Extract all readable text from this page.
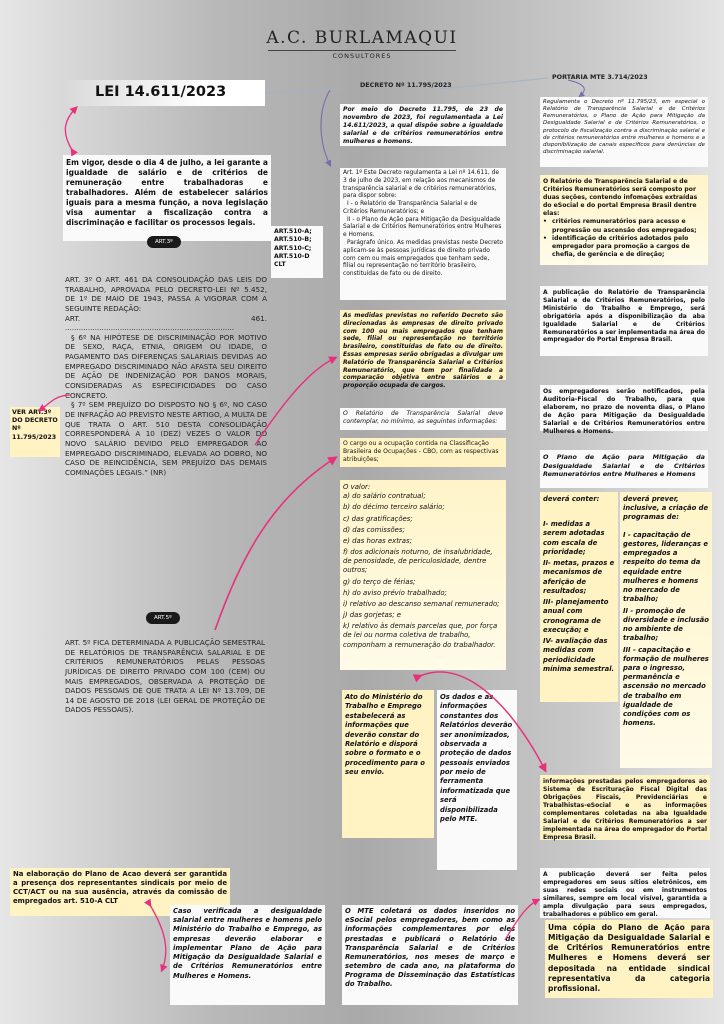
A.C. BURLAMAQUI
CONSULTORES
LEI 14.611/2023	DECRETO Nº 11.795/2023
PORTARIA MTE 3.714/2023
Em vigor, desde o dia 4 de julho, a lei garante a igualdade de salário e de critérios de remuneração entre trabalhadoras e trabalhadores. Além de estabelecer salários iguais para a mesma função, a nova legislação visa aumentar a fiscalização contra a discriminação e facilitar os processos legais.
ART.3º
ART.510-A; ART.510-B; ART.510-C; ART.510-D CLT

ART. 3º O ART. 461 DA CONSOLIDAÇÃO DAS LEIS DO TRABALHO, APROVADA PELO DECRETO-LEI Nº 5.452, DE 1º DE MAIO DE 1943, PASSA A VIGORAR COM A SEGUINTE REDAÇÃO:

ART. 461. ..........................................................................

§ 6º NA HIPÓTESE DE DISCRIMINAÇÃO POR MOTIVO DE SEXO, RAÇA, ETNIA, ORIGEM OU IDADE, O PAGAMENTO DAS DIFERENÇAS SALARIAIS DEVIDAS AO EMPREGADO DISCRIMINADO NÃO AFASTA SEU DIREITO DE AÇÃO DE INDENIZAÇÃO POR DANOS MORAIS, CONSIDERADAS AS ESPECIFICIDADES DO CASO CONCRETO.

§ 7º SEM PREJUÍZO DO DISPOSTO NO § 6º, NO CASO DE INFRAÇÃO AO PREVISTO NESTE ARTIGO, A MULTA DE QUE TRATA O ART. 510 DESTA CONSOLIDAÇÃO CORRESPONDERÁ A 10 (DEZ) VEZES O VALOR DO NOVO SALÁRIO DEVIDO PELO EMPREGADOR AO EMPREGADO DISCRIMINADO, ELEVADA AO DOBRO, NO CASO DE REINCIDÊNCIA, SEM PREJUÍZO DAS DEMAIS COMINAÇÕES LEGAIS.” (NR)

VER ART.3º DO DECRETO Nº 11.795/2023
ART.5º
ART. 5º FICA DETERMINADA A PUBLICAÇÃO SEMESTRAL DE RELATÓRIOS DE TRANSPARÊNCIA SALARIAL E DE CRITÉRIOS REMUNERATÓRIOS PELAS PESSOAS JURÍDICAS DE DIREITO PRIVADO COM 100 (CEM) OU MAIS EMPREGADOS, OBSERVADA A PROTEÇÃO DE DADOS PESSOAIS DE QUE TRATA A LEI Nº 13.709, DE 14 DE AGOSTO DE 2018 (LEI GERAL DE PROTEÇÃO DE DADOS PESSOAIS).
Na elaboração do Plano de Acao deverá ser garantida a presença dos representantes sindicais por meio de CCT/ACT ou na sua ausência, através da comissão de empregados art. 510-A CLT
Caso verificada a desigualdade salarial entre mulheres e homens pelo Ministério do Trabalho e Emprego, as empresas deverão elaborar e implementar Plano de Ação para Mitigação da Desigualdade Salarial e de Critérios Remuneratórios entre Mulheres e Homens.
Por meio do Decreto 11.795, de 23 de novembro de 2023, foi regulamentada a Lei 14.611/2023, a qual dispõe sobre a igualdade salarial e de critérios remuneratórios entre mulheres e homens.

Art. 1º Este Decreto regulamenta a Lei nº 14.611, de 3 de julho de 2023, em relação aos mecanismos de transparência salarial e de critérios remuneratórios, para dispor sobre:

I - o Relatório de Transparência Salarial e de Critérios Remuneratórios; e

II - o Plano de Ação para Mitigação da Desigualdade Salarial e de Critérios Remuneratórios entre Mulheres e Homens.

Parágrafo único. As medidas previstas neste Decreto aplicam-se às pessoas jurídicas de direito privado com cem ou mais empregados que tenham sede, filial ou representação no território brasileiro, constituídas de fato ou de direito.

As medidas previstas no referido Decreto são direcionadas às empresas de direito privado com 100 ou mais empregados que tenham sede, filial ou representação no território brasileiro, constituídas de fato ou de direito. Essas empresas serão obrigadas a divulgar um Relatório de Transparência Salarial e Critérios Remuneratório, que tem por finalidade a comparação objetiva entre salários e a proporção ocupada de cargos.
O Relatório de Transparência Salarial deve contemplar, no mínimo, as seguintes informações:
O cargo ou a ocupação contida na Classificação Brasileira de Ocupações - CBO, com as respectivas atribuições;
O valor:
a) do salário contratual;
b) do décimo terceiro salário;
c) das gratificações;
d) das comissões;
e) das horas extras;
f) dos adicionais noturno, de insalubridade, de penosidade, de periculosidade, dentre outros;
g) do terço de férias;
h) do aviso prévio trabalhado;
i) relativo ao descanso semanal remunerado;
j) das gorjetas; e
k) relativo às demais parcelas que, por força de lei ou norma coletiva de trabalho, componham a remuneração do trabalhador.
Ato do Ministério do Trabalho e Emprego estabelecerá as informações que deverão constar do Relatório e disporá sobre o formato e o procedimento para o seu envio.
Os dados e as informações constantes dos Relatórios deverão ser anonimizados, observada a proteção de dados pessoais enviados por meio de ferramenta informatizada que será disponibilizada pelo MTE.
O MTE coletará os dados inseridos no eSocial pelos empregadores, bem como as informações complementares por eles prestadas e publicará o Relatório de Transparência Salarial e de Critérios Remuneratórios, nos meses de março e setembro de cada ano, na plataforma do Programa de Disseminação das Estatísticas do Trabalho.
Regulamenta o Decreto nº 11.795/23, em especial o Relatório de Transparência Salarial e de Critérios Remuneratórios, o Plano de Ação para Mitigação da Desigualdade Salarial e de Critérios Remuneratórios, o protocolo de fiscalização contra a discriminação salarial e de critérios remuneratórios entre mulheres e homens e a disponibilização de canais específicos para denúncias de discriminação salarial.

O Relatório de Transparência Salarial e de Critérios Remuneratórios será composto por duas seções, contendo infomações extraídas do eSocial e do portal Empresa Brasil dentre elas:

• critérios remuneratórios para acesso e progressão ou ascensão dos empregados;
• identificação de critérios adotados pelo empregador para promoção a cargos de chefia, de gerência e de direção;
A publicação do Relatório de Transparência Salarial e de Critérios Remuneratórios, pelo Ministério do Trabalho e Emprego, será obrigatória após a disponibilização da aba Igualdade Salarial e de Critérios Remuneratórios a ser implementada na área do empregador do Portal Empresa Brasil.
Os empregadores serão notificados, pela Auditoria-Fiscal do Trabalho, para que elaborem, no prazo de noventa dias, o Plano de Ação para Mitigação da Desigualdade Salarial e de Critérios Remuneratórios entre Mulheres e Homens.
O Plano de Ação para Mitigação da Desigualdade Salarial e de Critérios Remuneratórios entre Mulheres e Homens
deverá conter:
I- medidas a serem adotadas com escala de prioridade;
II- metas, prazos e mecanismos de aferição de resultados;
III- planejamento anual com cronograma de execução; e
IV- avaliação das medidas com periodicidade mínima semestral.
deverá prever, inclusive, a criação de programas de:
I - capacitação de gestores, lideranças e empregados a respeito do tema da equidade entre mulheres e homens no mercado de trabalho;
II - promoção de diversidade e inclusão no ambiente de trabalho;
III - capacitação e formação de mulheres para o ingresso, permanência e ascensão no mercado de trabalho em igualdade de condições com os homens.
informações prestadas pelos empregadores ao Sistema de Escrituração Fiscal Digital das Obrigações Fiscais, Previdenciárias e Trabalhistas-eSocial e as informações complementares coletadas na aba Igualdade Salarial e de Critérios Remuneratórios a ser implementada na área do empregador do Portal Empresa Brasil.
A publicação deverá ser feita pelos empregadores em seus sítios eletrônicos, em suas redes sociais ou em instrumentos similares, sempre em local visível, garantida a ampla divulgação para seus empregados, trabalhadores e público em geral.
Uma cópia do Plano de Ação para Mitigação da Desigualdade Salarial e de Critérios Remuneratórios entre Mulheres e Homens deverá ser depositada na entidade sindical representativa da categoria profissional.
